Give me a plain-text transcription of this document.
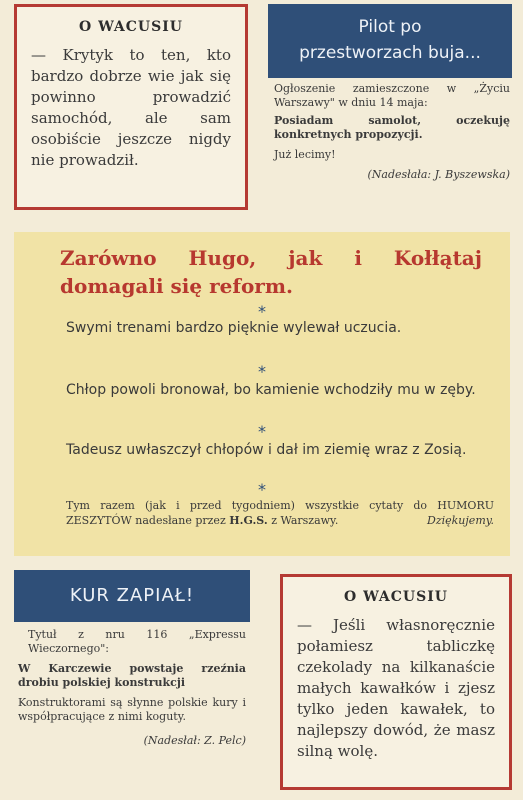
O WACUSIU
— Krytyk to ten, kto bardzo dobrze wie jak się powinno prowadzić samochód, ale sam osobiście jeszcze nigdy nie prowadził.
Pilot po
przestworzach buja...
Ogłoszenie zamieszczone w „Życiu Warszawy" w dniu 14 maja:
Posiadam samolot, oczekuję konkretnych propozycji.
Już lecimy!
(Nadesłała: J. Byszewska)
Zarówno Hugo, jak i Kołłątaj domagali się reform.
*
Swymi trenami bardzo pięknie wylewał uczucia.
*
Chłop powoli bronował, bo kamienie wchodziły mu w zęby.
*
Tadeusz uwłaszczył chłopów i dał im ziemię wraz z Zosią.
*
Tym razem (jak i przed tygodniem) wszystkie cytaty do HUMORU ZESZYTÓW nadesłane przez H.G.S. z Warszawy.	Dziękujemy.
KUR ZAPIAŁ!
Tytuł z nru 116 „Expressu Wieczornego":
W Karczewie powstaje rzeźnia drobiu polskiej konstrukcji
Konstruktorami są słynne polskie kury i współpracujące z nimi koguty.
(Nadesłał: Z. Pelc)
O WACUSIU
— Jeśli własnoręcznie połamiesz tabliczkę czekolady na kilkanaście małych kawałków i zjesz tylko jeden kawałek, to najlepszy dowód, że masz silną wolę.
